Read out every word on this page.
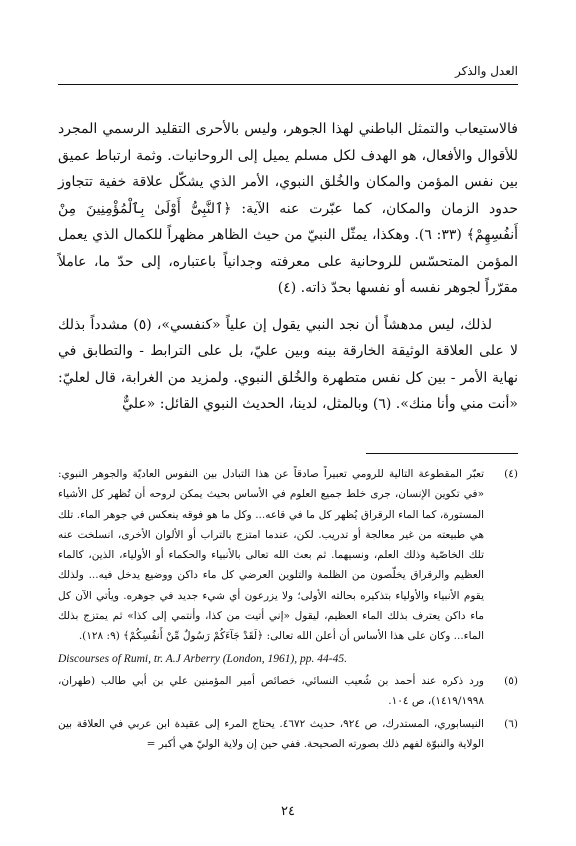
العدل والذكر

فالاستيعاب والتمثل الباطني لهذا الجوهر، وليس بالأحرى التقليد الرسمي المجرد للأقوال والأفعال، هو الهدف لكل مسلم يميل إلى الروحانيات. وثمة ارتباط عميق بين نفس المؤمن والمكان والخُلق النبوي، الأمر الذي يشكّل علاقة خفية تتجاوز حدود الزمان والمكان، كما عبّرت عنه الآية: ﴿ٱلنَّبِىُّ أَوْلَىٰ بِٱلْمُؤْمِنِينَ مِنْ أَنفُسِهِمْ﴾ (٣٣: ٦). وهكذا، يمثّل النبيّ من حيث الظاهر مظهراً للكمال الذي يعمل المؤمن المتحسّس للروحانية على معرفته وجدانياً باعتباره، إلى حدّ ما، عاملاً مقرّراً لجوهر نفسه أو نفسها بحدّ ذاته. (٤)

لذلك، ليس مدهشاً أن نجد النبي يقول إن علياً «كنفسي»، (٥) مشدداً بذلك لا على العلاقة الوثيقة الخارقة بينه وبين عليّ، بل على الترابط - والتطابق في نهاية الأمر - بين كل نفس متطهرة والخُلق النبوي. ولمزيد من الغرابة، قال لعليّ: «أنت مني وأنا منك». (٦) وبالمثل، لدينا، الحديث النبوي القائل: «عليٌّ

(٤)
تعبّر المقطوعة التالية للرومي تعبيراً صادقاً عن هذا التبادل بين النفوس العاديّة والجوهر النبوي: «في تكوين الإنسان، جرى خلط جميع العلوم في الأساس بحيث يمكن لروحه أن تُظهر كل الأشياء المستورة، كما الماء الرقراق يُظهر كل ما في قاعه... وكل ما هو فوقه ينعكس في جوهر الماء. تلك هي طبيعته من غير معالجة أو تدريب. لكن، عندما امتزج بالتراب أو الألوان الأخرى، انسلخت عنه تلك الخاصّية وذلك العلم، ونسيهما. ثم بعث الله تعالى بالأنبياء والحكماء أو الأولياء، الذين، كالماء العظيم والرقراق يخلّصون من الظلمة والتلوين العرضي كل ماء داكن ووضيع يدخل فيه... ولذلك يقوم الأنبياء والأولياء بتذكيره بحالته الأولى؛ ولا يزرعون أي شيء جديد في جوهره. ويأتي الآن كل ماء داكن يعترف بذلك الماء العظيم، ليقول «إني أتيت من كذا، وأنتمي إلى كذا» ثم يمتزج بذلك الماء... وكان على هذا الأساس أن أعلن الله تعالى: ﴿لَقَدْ جَآءَكُمْ رَسُولٌ مِّنْ أَنفُسِكُمْ﴾ (٩: ١٢٨).
Discourses of Rumi, tr. A.J Arberry (London, 1961), pp. 44-45.
(٥)
ورد ذكره عند أحمد بن شُعيب النسائي، خصائص أمير المؤمنين علي بن أبي طالب (طهران، ١٤١٩/١٩٩٨)، ص ١٠٤.
(٦)
النيسابوري، المستدرك، ص ٩٢٤، حديث ٤٦٧٢. يحتاج المرء إلى عقيدة ابن عربي في العلاقة بين الولاية والنبوّة لفهم ذلك بصورته الصحيحة. ففي حين إن ولاية الوليّ هي أكبر =
٢٤
